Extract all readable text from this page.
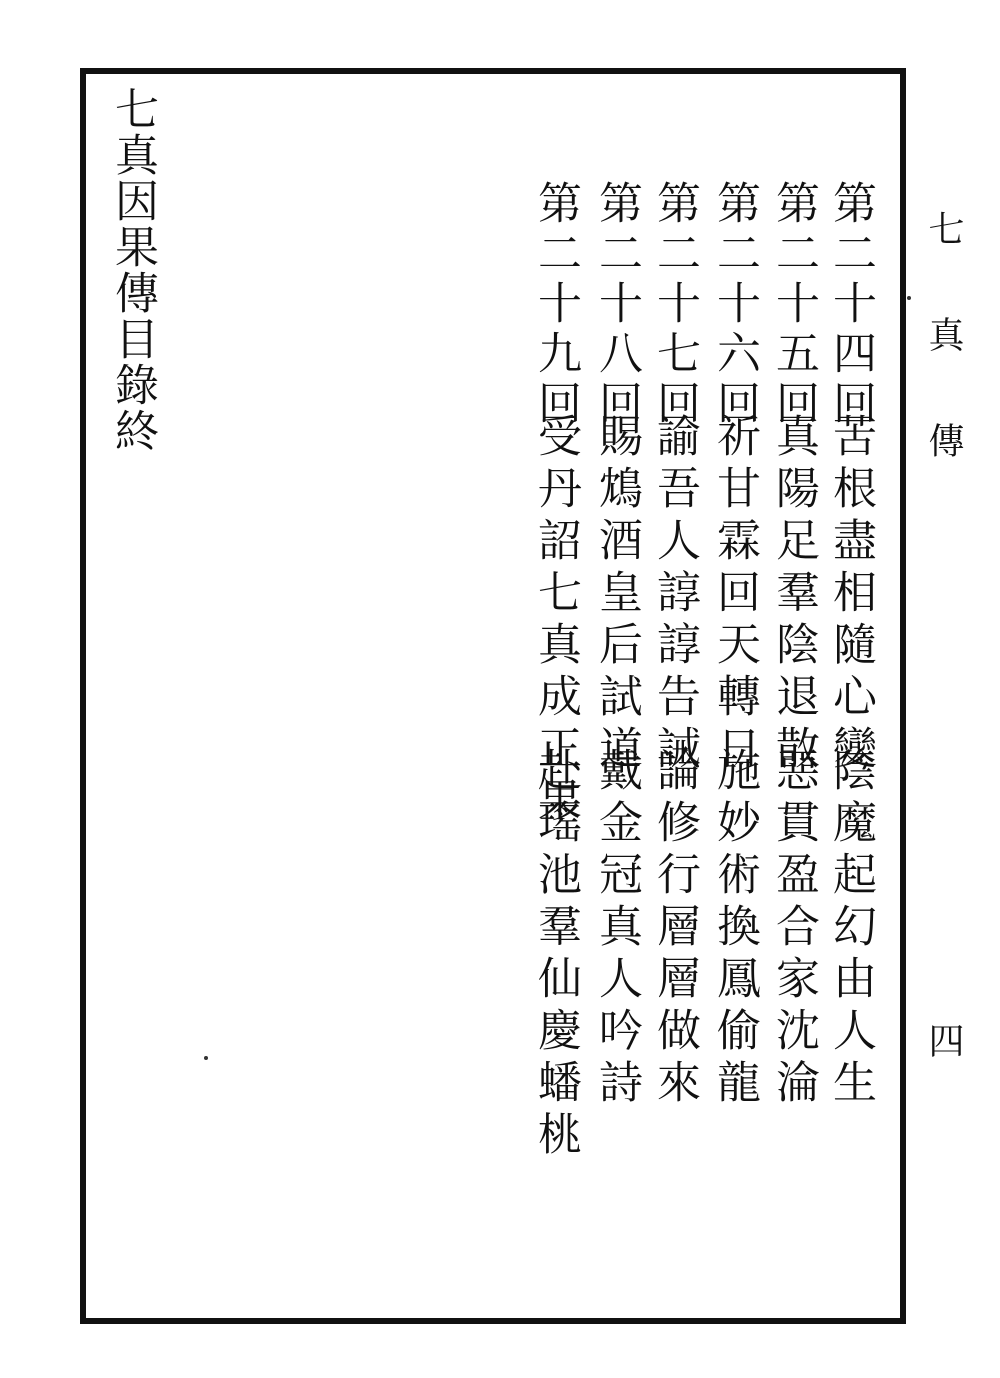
七真傳
四
第二十四回
苦根盡相隨心變
陰魔起幻由人生
第二十五回
真陽足羣陰退散
惡貫盈合家沈淪
第二十六回
祈甘霖回天轉日
施妙術換鳳偷龍
第二十七回
諭吾人諄諄告誡
論修行層層做來
第二十八回
賜鴆酒皇后試道
戴金冠真人吟詩
第二十九回
受丹詔七真成正果
赴瑤池羣仙慶蟠桃
七真因果傳目錄終
